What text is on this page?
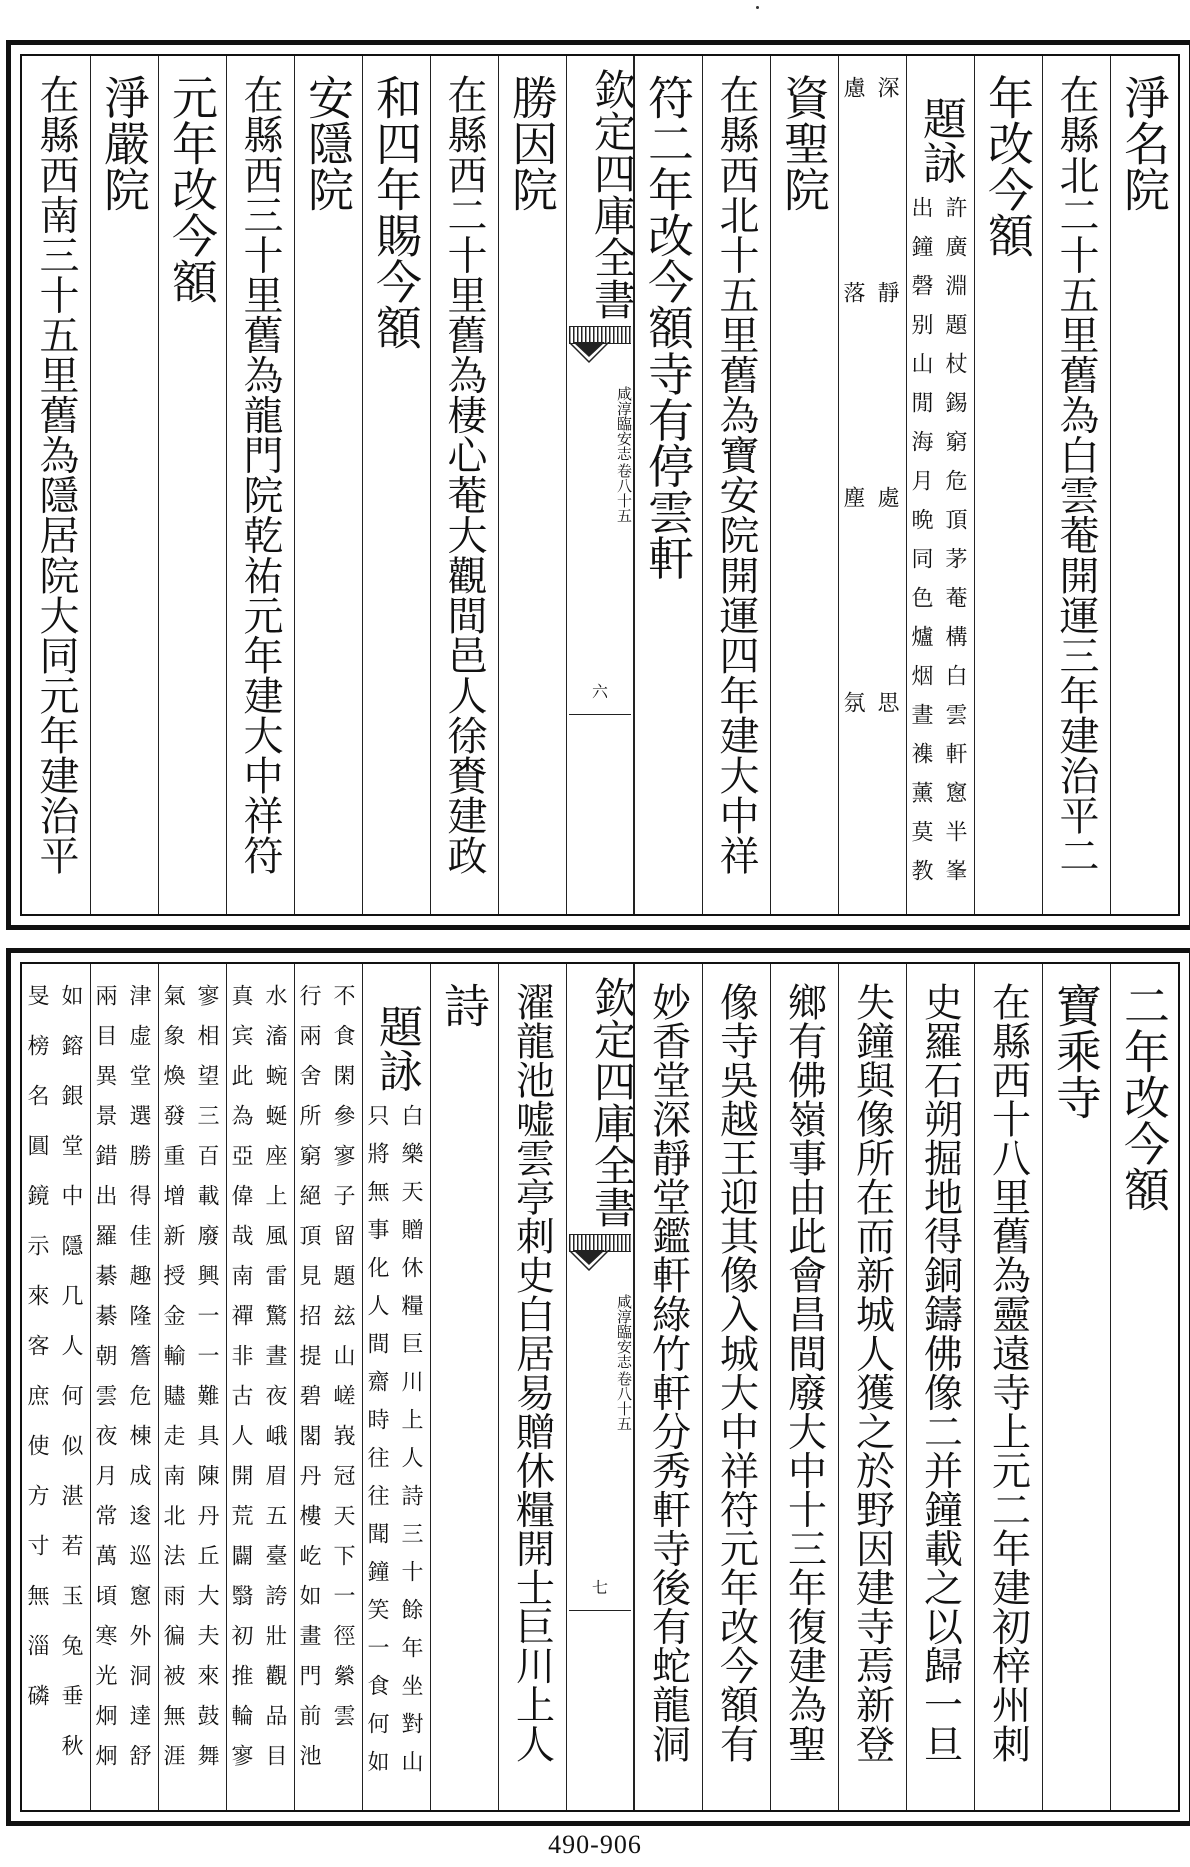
淨名院
在縣北二十五里舊為白雲菴開運三年建治平二
年改今額
題詠
許廣淵題杖錫窮危頂茅菴構白雲軒窻半峯
出鐘磬别山閒海月晩同色爐烟晝襍薰莫教
深靜處思
慮落塵氛
資聖院
在縣西北十五里舊為寶安院開運四年建大中祥
符二年改今額寺有停雲軒
欽定四庫全書
咸淳臨安志
卷八十五
六
勝因院
在縣西二十里舊為棲心菴大觀間邑人徐賚建政
和四年賜今額
安隱院
在縣西三十里舊為龍門院乾祐元年建大中祥符
元年改今額
淨嚴院
在縣西南三十五里舊為隱居院大同元年建治平
二年改今額
寶乘寺
在縣西十八里舊為靈遠寺上元二年建初梓州刺
史羅石朔掘地得銅鑄佛像二并鐘載之以歸一旦
失鐘與像所在而新城人獲之於野因建寺焉新登
鄉有佛嶺事由此會昌間廢大中十三年復建為聖
像寺吳越王迎其像入城大中祥符元年改今額有
妙香堂深靜堂鑑軒綠竹軒分秀軒寺後有蛇龍洞
欽定四庫全書
咸淳臨安志
卷八十五
七
濯龍池嘘雲亭刺史白居易贈休糧開士巨川上人
詩
題詠
白樂天贈休糧巨川上人詩三十餘年坐對山
只將無事化人間齋時往往聞鐘笑一食何如
不食閑參寥子留題玆山嵯峩冠天下一徑縈雲
行兩舍所窮絕頂見招提碧閣丹樓屹如畫門前池
水滀蜿蜒座上風雷驚晝夜峨眉五臺誇壯觀品目
真宾此為亞偉哉南禪非古人開荒闢翳初推輪寥
寥相望三百載廢興一一難具陳丹丘大夫來鼓舞
氣象煥發重增新授金輸贐走南北法雨徧被無涯
津虚堂選勝得佳趣隆簷危棟成逡巡窻外洞達舒
兩目異景錯出羅綦綦朝雲夜月常萬頃寒光炯炯
如鎔銀堂中隱几人何似湛若玉兔垂秋
旻榜名圓鏡示來客庶使方寸無淄磷
490-906
